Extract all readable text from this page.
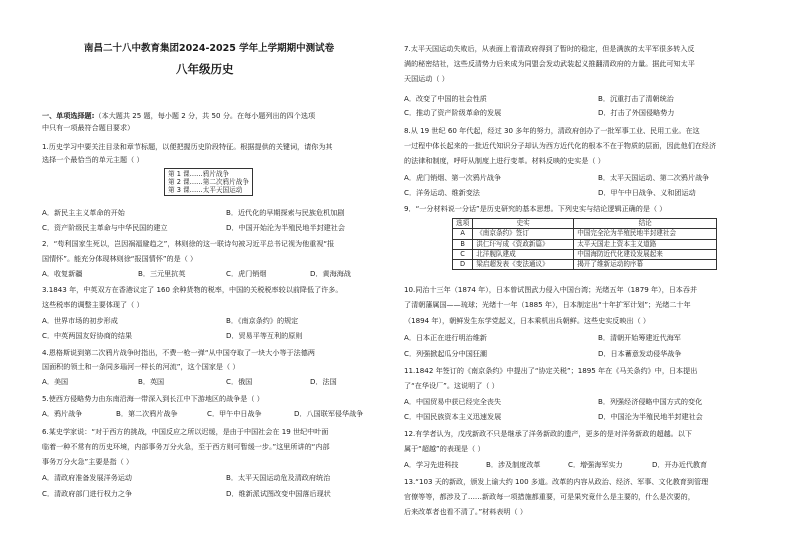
南昌二十八中教育集团2024-2025 学年上学期期中测试卷
八年级历史
一、单项选择题:（本大题共 25 题，每小题 2 分，共 50 分。在每小题列出的四个选项
中只有一项最符合题目要求）
1.历史学习中要关注目录和章节标题，以便把握历史阶段特征。根据提供的关键词，请你为其
选择一个最恰当的单元主题（ ）
第 1 课……鸦片战争
第 2 课……第二次鸦片战争
第 3 课……太平天国运动
A．新民主主义革命的开始	B．近代化的早期探索与民族危机加剧
C．资产阶级民主革命与中华民国的建立	D．中国开始沦为半殖民地半封建社会
2．“苟利国家生死以，岂因祸福避趋之”，林则徐的这一联诗句被习近平总书记视为他重视“报
国情怀”。能充分体现林则徐“报国情怀”的是（ ）
A．收复新疆	B．三元里抗英	C．虎门销烟	D．黄海海战
3.1843 年，中英双方在香港议定了 160 余种货物的税率，中国的关税税率较以前降低了许多。
这些税率的调整主要体现了（ ）
A．世界市场的初步形成	B．《南京条约》的规定
C．中英两国友好协商的结果	D．贸易平等互利的原则
4.恩格斯说到第二次鸦片战争时指出，不费一枪一弹“从中国夺取了一块大小等于法德两
国面积的领土和一条同多瑙河一样长的河流”，这个国家是（ ）
A．美国	B．英国	C．俄国	D．法国
5.使西方侵略势力由东南沿海一带深入到长江中下游地区的战争是（ ）
A．鸦片战争	B．第二次鸦片战争	C．甲午中日战争	D．八国联军侵华战争
6.某史学家说：“对于西方的挑战，中国反应之所以迟缓，是由于中国社会在 19 世纪中叶面
临着一种不常有的历史环境，内部事务万分火急，至于西方则可暂缓一步。”这里所讲的“内部
事务万分火急”主要是指（ ）
A．清政府准备发展洋务运动	B．太平天国运动危及清政府统治
C．清政府部门进行权力之争	D．维新派试图改变中国落后现状
7.太平天国运动失败后，从表面上看清政府得到了暂时的稳定，但是满族的太平军很多转入反
满的秘密结社，这些反清势力后来成为同盟会发动武装起义推翻清政府的力量。据此可知太平
天国运动（ ）
A．改变了中国的社会性质	B．沉重打击了清朝统治
C．推动了资产阶级革命的发展	D．打击了外国侵略势力
8.从 19 世纪 60 年代起，经过 30 多年的努力，清政府创办了一批军事工业、民用工业。在这
一过程中体长起来的一批近代知识分子却认为西方近代化的根本不在于物质的层面，因此他们在经济
的法律和制度，呼吁从制度上进行变革。材料反映的史实是（ ）
A．虎门销烟、第一次鸦片战争	B．太平天国运动、第二次鸦片战争
C．洋务运动、维新变法	D．甲午中日战争、义和团运动
9．“一分材料说一分话”是历史研究的基本思想。下列史实与结论逻辑正确的是（ ）
选项	史实	结论
A	《南京条约》签订	中国完全沦为半殖民地半封建社会
B	洪仁玕写成《资政新篇》	太平天国走上资本主义道路
C	北洋舰队建成	中国海防近代化建设发展起来
D	梁启超发表《变法通议》	揭开了维新运动的序幕
10.同治十三年（1874 年），日本曾试图武力侵入中国台湾；光绪五年（1879 年），日本吞并
了清朝藩属国——琉球；光绪十一年（1885 年），日本制定出“十年扩军计划”；光绪二十年
（1894 年），朝鲜发生东学党起义，日本乘机出兵朝鲜。这些史实反映出（ ）
A．日本正在进行明治维新	B．清朝开始筹建近代海军
C．列强掀起瓜分中国狂潮	D．日本蓄意发动侵华战争
11.1842 年签订的《南京条约》中提出了“协定关税”；1895 年在《马关条约》中，日本提出
了“在华设厂”。这说明了（ ）
A．中国贸易中获已经完全丧失	B．列强经济侵略中国方式的变化
C．中国民族资本主义迅速发展	D．中国沦为半殖民地半封建社会
12.有学者认为，戊戌新政不只是继承了洋务新政的遗产，更多的是对洋务新政的超越。以下
属于“超越”的表现是（ ）
A．学习先进科技	B．涉及制度改革	C．增强海军实力	D．开办近代教育
13.“103 天的新政，颁发上谕大约 100 多道。改革的内容从政治、经济、军事、文化教育到管理
官僚等等，都涉及了……新政每一项措施都重要，可是果究竟什么是主要的，什么是次要的，
后来改革者也看不清了。”材料表明（ ）
